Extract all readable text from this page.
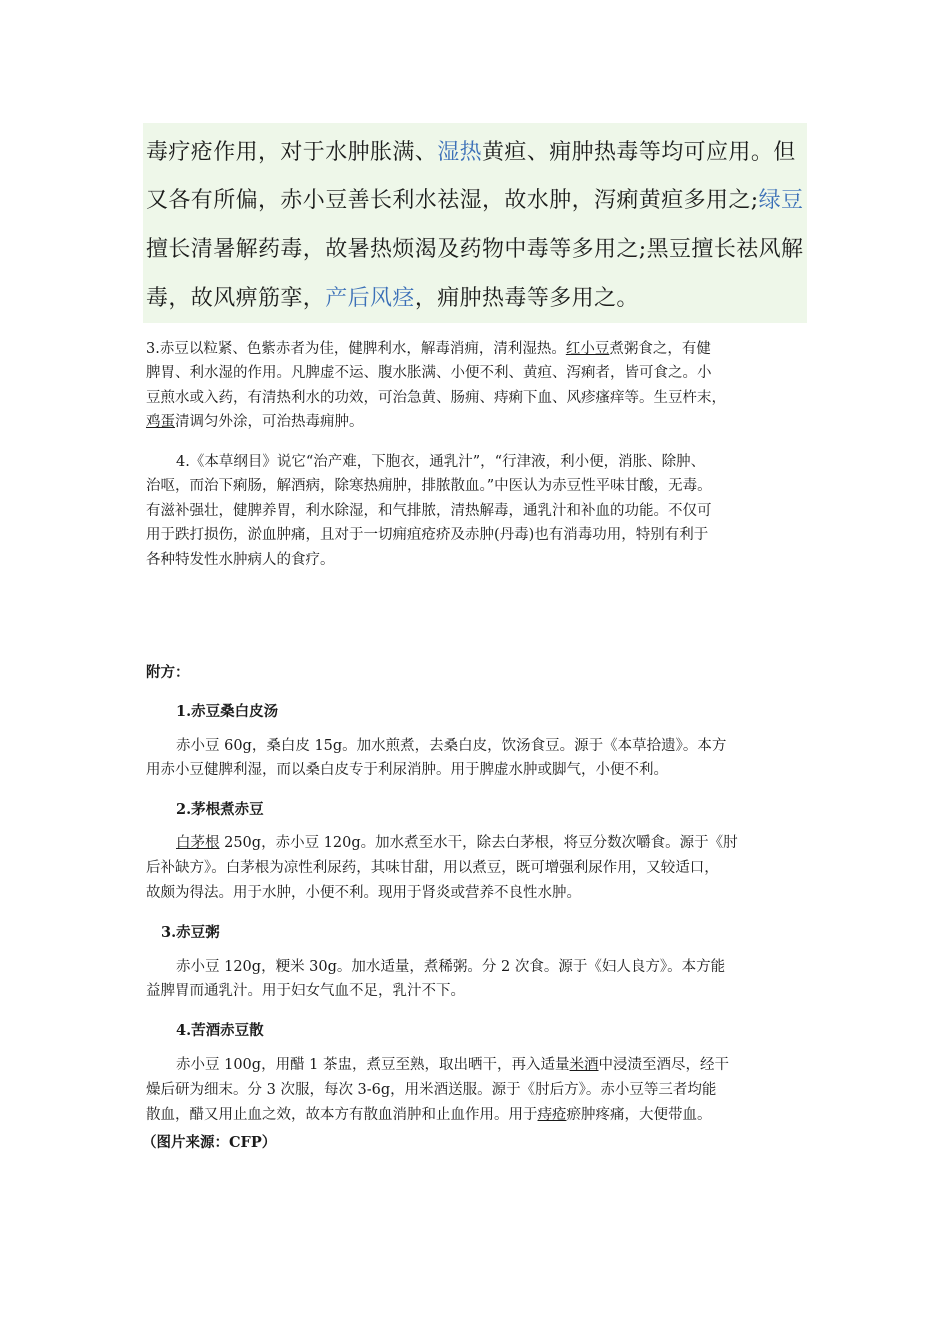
毒疗疮作用，对于水肿胀满、湿热黄疸、痈肿热毒等均可应用。但
又各有所偏，赤小豆善长利水祛湿，故水肿，泻痢黄疸多用之;绿豆
擅长清暑解药毒，故暑热烦渴及药物中毒等多用之;黑豆擅长祛风解
毒，故风痹筋挛，产后风痉，痈肿热毒等多用之。
3.赤豆以粒紧、色紫赤者为佳，健脾利水，解毒消痈，清利湿热。红小豆煮粥食之，有健
脾胃、利水湿的作用。凡脾虚不运、腹水胀满、小便不利、黄疸、泻痢者，皆可食之。小
豆煎水或入药，有清热利水的功效，可治急黄、肠痈、痔痢下血、风疹瘙痒等。生豆杵末，
鸡蛋清调匀外涂，可治热毒痈肿。
4.《本草纲目》说它“治产难，下胞衣，通乳汁”，“行津液，利小便，消胀、除肿、
治呕，而治下痢肠，解酒病，除寒热痈肿，排脓散血。”中医认为赤豆性平味甘酸，无毒。
有滋补强壮，健脾养胃，利水除湿，和气排脓，清热解毒，通乳汁和补血的功能。不仅可
用于跌打损伤，淤血肿痛，且对于一切痈疽疮疥及赤肿(丹毒)也有消毒功用，特别有利于
各种特发性水肿病人的食疗。
附方：
1.赤豆桑白皮汤
赤小豆 60g，桑白皮 15g。加水煎煮，去桑白皮，饮汤食豆。源于《本草拾遗》。本方
用赤小豆健脾利湿，而以桑白皮专于利尿消肿。用于脾虚水肿或脚气，小便不利。
2.茅根煮赤豆
白茅根 250g，赤小豆 120g。加水煮至水干，除去白茅根，将豆分数次嚼食。源于《肘
后补缺方》。白茅根为凉性利尿药，其味甘甜，用以煮豆，既可增强利尿作用，又较适口，
故颇为得法。用于水肿，小便不利。现用于肾炎或营养不良性水肿。
3.赤豆粥
赤小豆 120g，粳米 30g。加水适量，煮稀粥。分 2 次食。源于《妇人良方》。本方能
益脾胃而通乳汁。用于妇女气血不足，乳汁不下。
4.苦酒赤豆散
赤小豆 100g，用醋 1 茶盅，煮豆至熟，取出晒干，再入适量米酒中浸渍至酒尽，经干
燥后研为细末。分 3 次服，每次 3-6g，用米酒送服。源于《肘后方》。赤小豆等三者均能
散血，醋又用止血之效，故本方有散血消肿和止血作用。用于痔疮瘀肿疼痛，大便带血。
（图片来源：CFP）
